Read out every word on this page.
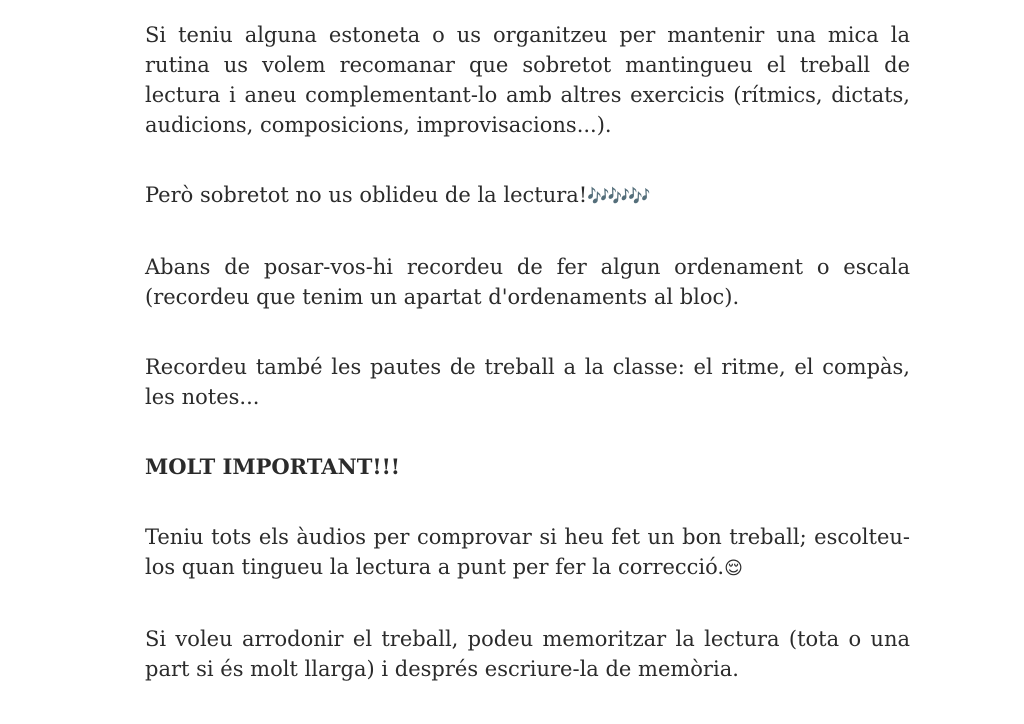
Si teniu alguna estoneta o us organitzeu per mantenir una mica la rutina us volem recomanar que sobretot mantingueu el treball de lectura i aneu complementant-lo amb altres exercicis (rítmics, dictats, audicions, composicions, improvisacions...).

Però sobretot no us oblideu de la lectura!🎶🎶🎶

Abans de posar-vos-hi recordeu de fer algun ordenament o escala (recordeu que tenim un apartat d'ordenaments al bloc).

Recordeu també les pautes de treball a la classe: el ritme, el compàs, les notes...

MOLT IMPORTANT!!!

Teniu tots els àudios per comprovar si heu fet un bon treball; escolteu-los quan tingueu la lectura a punt per fer la correcció.😌

Si voleu arrodonir el treball, podeu memoritzar la lectura (tota o una part si és molt llarga) i després escriure-la de memòria.
